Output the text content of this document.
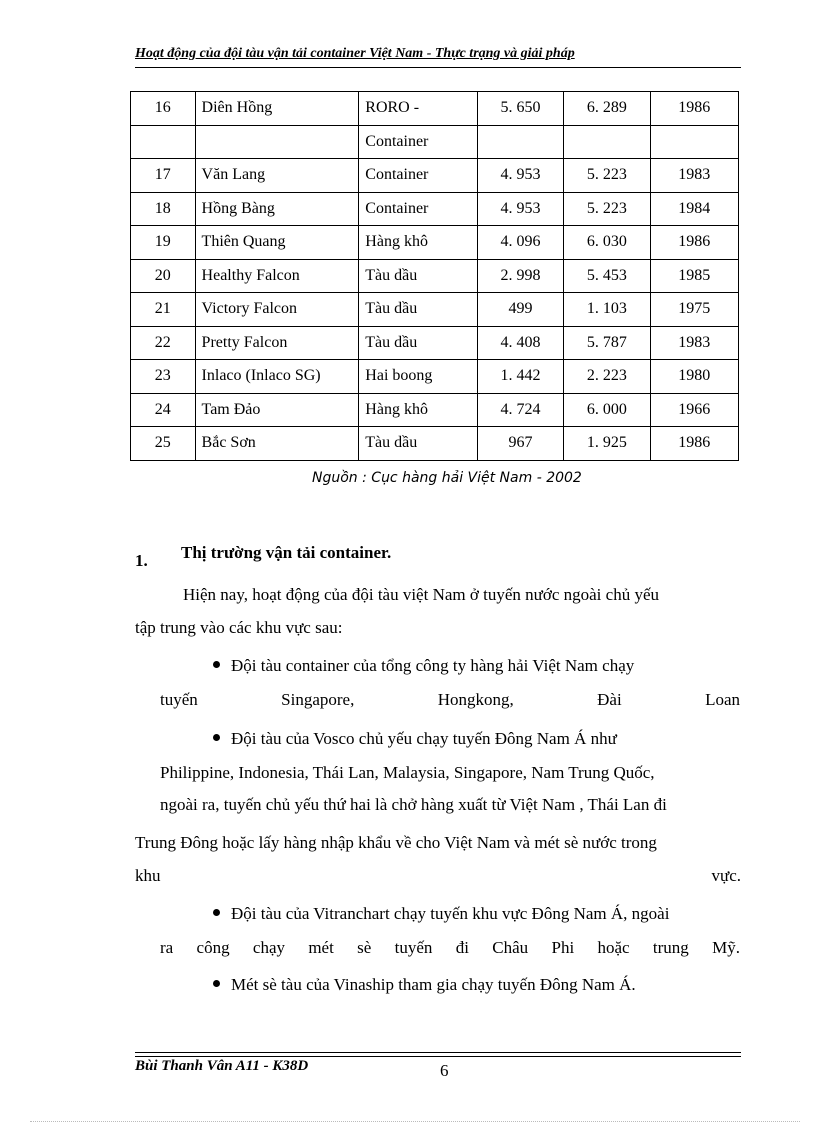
Hoạt động của đội tàu vận tải container Việt Nam - Thực trạng và giải pháp
16	Diên Hồng	RORO -	5. 650	6. 289	1986
		Container			
17	Văn Lang	Container	4. 953	5. 223	1983
18	Hồng Bàng	Container	4. 953	5. 223	1984
19	Thiên Quang	Hàng khô	4. 096	6. 030	1986
20	Healthy Falcon	Tàu dầu	2. 998	5. 453	1985
21	Victory Falcon	Tàu dầu	499	1. 103	1975
22	Pretty Falcon	Tàu dầu	4. 408	5. 787	1983
23	Inlaco (Inlaco SG)	Hai boong	1. 442	2. 223	1980
24	Tam Đảo	Hàng khô	4. 724	6. 000	1966
25	Bắc Sơn	Tàu dầu	967	1. 925	1986
Nguồn : Cục hàng hải Việt Nam - 2002
1. Thị trường vận tải container.
Hiện nay, hoạt động của đội tàu việt Nam ở tuyến nước ngoài chủ yếu
tập trung vào các khu vực sau:
Đội tàu container của tổng công ty hàng hải Việt Nam chạy
tuyến Singapore, Hongkong, Đài Loan
Đội tàu của Vosco chủ yếu chạy tuyến Đông Nam Á như
Philippine, Indonesia, Thái Lan, Malaysia, Singapore, Nam Trung Quốc,
ngoài ra, tuyến chủ yếu thứ hai là chở hàng xuất từ Việt Nam , Thái Lan đi
Trung Đông hoặc lấy hàng nhập khẩu về cho Việt Nam và mét sè nước trong
khu vực.
Đội tàu của Vitranchart chạy tuyến khu vực Đông Nam Á, ngoài
ra công chạy mét sè tuyến đi Châu Phi hoặc trung Mỹ.
Mét sè tàu của Vinaship tham gia chạy tuyến Đông Nam Á.
Bùi Thanh Vân A11 - K38D	6
